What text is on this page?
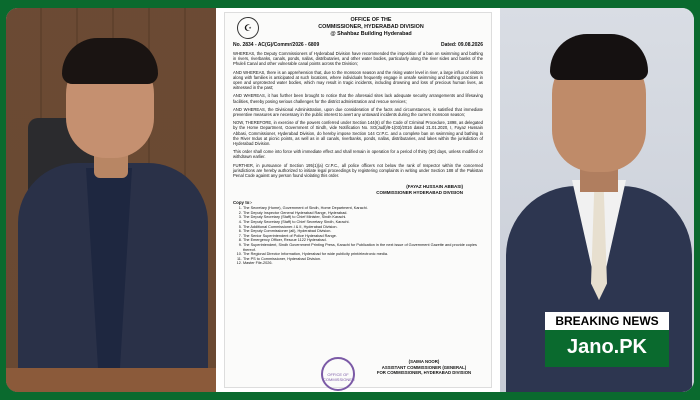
☪
OFFICE OF THE
COMMISSIONER, HYDERABAD DIVISION
@ Shahbaz Building Hyderabad
No. 2834 - AC(G)/Commr/2026 - 6809	Dated: 09.08.2026

WHEREAS, the Deputy Commissioners of Hyderabad Division have recommended the imposition of a ban on swimming and bathing in rivers, riverbanks, canals, ponds, nallas, distributaries, and other water bodies, particularly along the river sides and banks of the Phuleli Canal and other vulnerable canal points across the Division;

AND WHEREAS, there is an apprehension that, due to the monsoon season and the rising water level in river, a large influx of visitors along with families is anticipated at such locations, where individuals frequently engage in unsafe swimming and bathing practices in open and unprotected water bodies, which may result in tragic incidents, including drowning and loss of precious human lives, as witnessed in the past;

AND WHEREAS, it has further been brought to notice that the aforesaid sites lack adequate security arrangements and lifesaving facilities, thereby posing serious challenges for the district administration and rescue services;

AND WHEREAS, the Divisional Administration, upon due consideration of the facts and circumstances, is satisfied that immediate preventive measures are necessary in the public interest to avert any untoward incidents during the current monsoon season;

NOW, THEREFORE, in exercise of the powers conferred under Section 144(6) of the Code of Criminal Procedure, 1898, as delegated by the Home Department, Government of Sindh, vide Notification No. SO(Judl)/8-1(03)/2016 dated 21.01.2020, I, Fayaz Hussain Abbasi, Commissioner, Hyderabad Division, do hereby impose Section 144 Cr.P.C. and a complete ban on swimming and bathing in the River Indus at picnic points, as well as in all canals, riverbanks, ponds, nallas, distributaries, and lakes within the jurisdiction of Hyderabad Division.

This order shall come into force with immediate effect and shall remain in operation for a period of thirty (30) days, unless modified or withdrawn earlier.

FURTHER, in pursuance of Section 195(1)(a) Cr.P.C., all police officers not below the rank of Inspector within the concerned jurisdictions are hereby authorized to initiate legal proceedings by registering complaints in writing under Section 188 of the Pakistan Penal Code against any person found violating this order.

(FAYAZ HUSSAIN ABBASI)
COMMISSIONER HYDERABAD DIVISION
Copy to:-
1. The Secretary (Home), Government of Sindh, Home Department, Karachi.
2. The Deputy Inspector General Hyderabad Range, Hyderabad.
3. The Deputy Secretary (Staff) to Chief Minister, Sindh Karachi.
4. The Deputy Secretary (Staff) to Chief Secretary Sindh, Karachi.
5. The Additional Commissioner-I & II, Hyderabad Division.
6. The Deputy Commissioner (all), Hyderabad Division.
7. The Senior Superintendent of Police Hyderabad Range.
8. The Emergency Officer, Rescue 1122 Hyderabad.
9. The Superintendent, Sindh Government Printing Press, Karachi for Publication in the next issue of Government Gazette and provide copies thereof.
10. The Regional Director Information, Hyderabad for wide publicity print/electronic media.
11. The PS to Commissioner, Hyderabad Division.
12. Master File-2026.
OFFICE OF COMMISSIONER
(SAIMA NOOR)
ASSISTANT COMMISSIONER (GENERAL)
FOR COMMISSIONER, HYDERABAD DIVISION
BREAKING NEWS
Jano.PK
